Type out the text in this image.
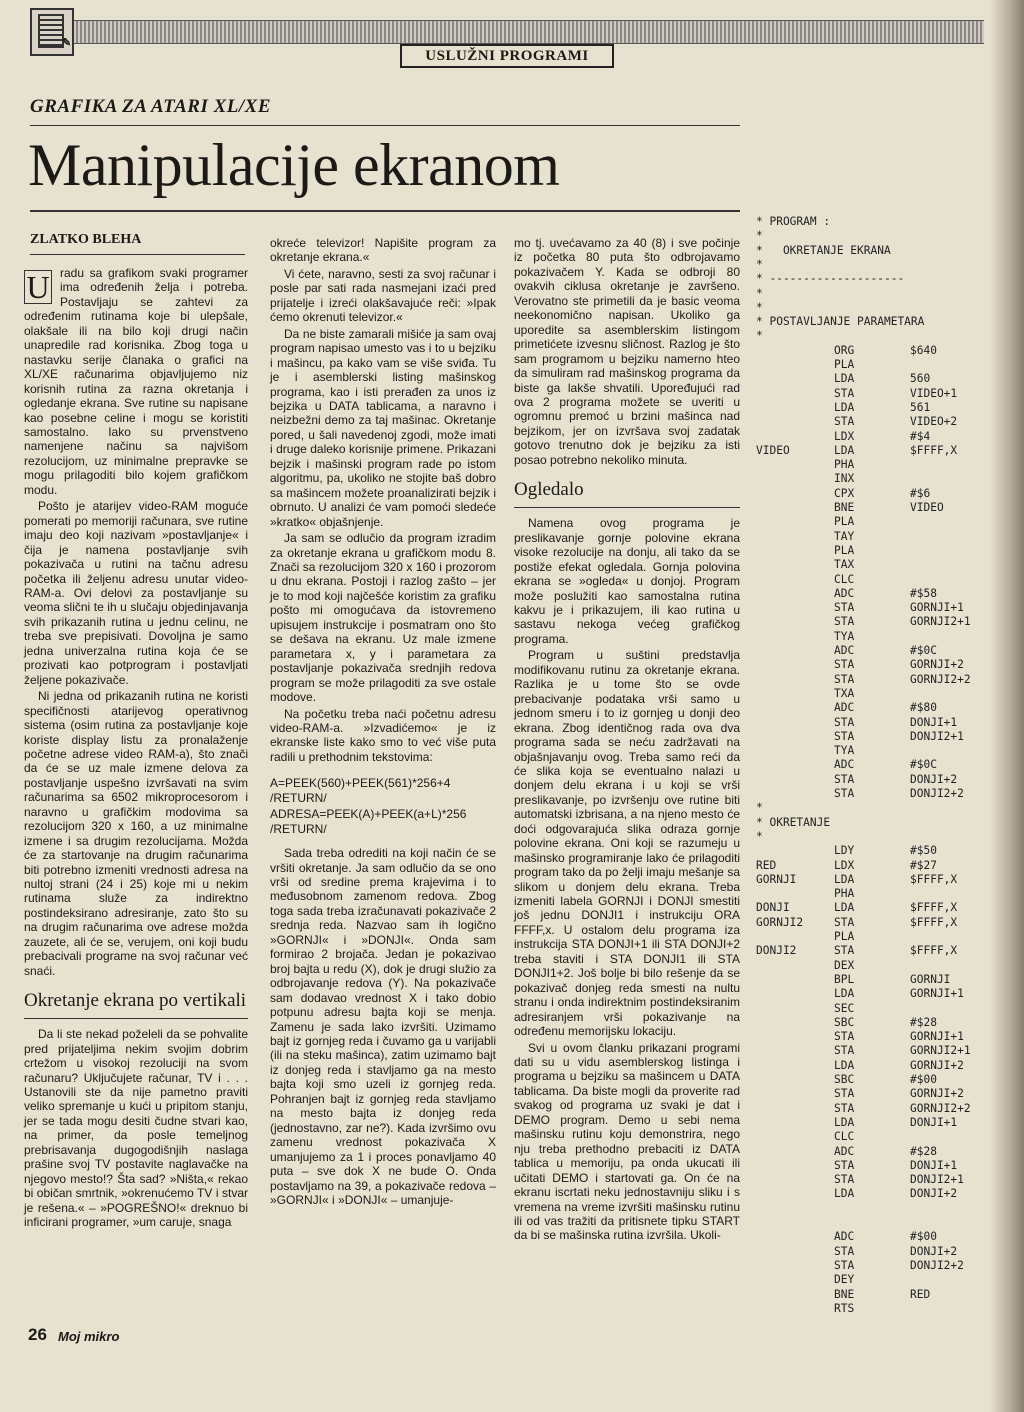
✎
USLUŽNI PROGRAMI
GRAFIKA ZA ATARI XL/XE
Manipulacije ekranom
ZLATKO BLEHA

U radu sa grafikom svaki programer ima određenih želja i potreba. Postavljaju se zahtevi za određenim rutinama koje bi ulepšale, olakšale ili na bilo koji drugi način unapredile rad korisnika. Zbog toga u nastavku serije članaka o grafici na XL/XE računarima objavljujemo niz korisnih rutina za razna okretanja i ogledanje ekrana. Sve rutine su napisane kao posebne celine i mogu se koristiti samostalno. Iako su prvenstveno namenjene načinu sa najvišom rezolucijom, uz minimalne prepravke se mogu prilagoditi bilo kojem grafičkom modu.

Pošto je atarijev video-RAM moguće pomerati po memoriji računara, sve rutine imaju deo koji nazivam »postavljanje« i čija je namena postavljanje svih pokazivača u rutini na tačnu adresu početka ili željenu adresu unutar video-RAM-a. Ovi delovi za postavljanje su veoma slični te ih u slučaju objedinjavanja svih prikazanih rutina u jednu celinu, ne treba sve prepisivati. Dovoljna je samo jedna univerzalna rutina koja će se prozivati kao potprogram i postavljati željene pokazivače.

Ni jedna od prikazanih rutina ne koristi specifičnosti atarijevog operativnog sistema (osim rutina za postavljanje koje koriste display listu za pronalaženje početne adrese video RAM-a), što znači da će se uz male izmene delova za postavljanje uspešno izvršavati na svim računarima sa 6502 mikroprocesorom i naravno u grafičkim modovima sa rezolucijom 320 x 160, a uz minimalne izmene i sa drugim rezolucijama. Možda će za startovanje na drugim računarima biti potrebno izmeniti vrednosti adresa na nultoj strani (24 i 25) koje mi u nekim rutinama služe za indirektno postindeksirano adresiranje, zato što su na drugim računarima ove adrese možda zauzete, ali će se, verujem, oni koji budu prebacivali programe na svoj računar već snaći.

Okretanje ekrana po vertikali

Da li ste nekad poželeli da se pohvalite pred prijateljima nekim svojim dobrim crtežom u visokoj rezoluciji na svom računaru? Uključujete računar, TV i . . . Ustanovili ste da nije pametno praviti veliko spremanje u kući u pripitom stanju, jer se tada mogu desiti čudne stvari kao, na primer, da posle temeljnog prebrisavanja dugogodišnjih naslaga prašine svoj TV postavite naglavačke na njegovo mesto!? Šta sad? »Ništa,« rekao bi običan smrtnik, »okrenućemo TV i stvar je rešena.« – »POGREŠNO!« dreknuo bi inficirani programer, »um caruje, snaga

okreće televizor! Napišite program za okretanje ekrana.«

Vi ćete, naravno, sesti za svoj računar i posle par sati rada nasmejani izaći pred prijatelje i izreći olakšavajuće reči: »Ipak ćemo okrenuti televizor.«

Da ne biste zamarali mišiće ja sam ovaj program napisao umesto vas i to u bejziku i mašincu, pa kako vam se više sviđa. Tu je i asemblerski listing mašinskog programa, kao i isti prerađen za unos iz bejzika u DATA tablicama, a naravno i neizbežni demo za taj mašinac. Okretanje pored, u šali navedenoj zgodi, može imati i druge daleko korisnije primene. Prikazani bejzik i mašinski program rade po istom algoritmu, pa, ukoliko ne stojite baš dobro sa mašincem možete proanalizirati bejzik i obrnuto. U analizi će vam pomoći sledeće »kratko« objašnjenje.

Ja sam se odlučio da program izradim za okretanje ekrana u grafičkom modu 8. Znači sa rezolucijom 320 x 160 i prozorom u dnu ekrana. Postoji i razlog zašto – jer je to mod koji najčešće koristim za grafiku pošto mi omogućava da istovremeno upisujem instrukcije i posmatram ono što se dešava na ekranu. Uz male izmene parametara x, y i parametara za postavljanje pokazivača srednjih redova program se može prilagoditi za sve ostale modove.

Na početku treba naći početnu adresu video-RAM-a. »Izvadićemo« je iz ekranske liste kako smo to već više puta radili u prethodnim tekstovima:

A=PEEK(560)+PEEK(561)*256+4 /RETURN/

ADRESA=PEEK(A)+PEEK(a+L)*256 /RETURN/

Sada treba odrediti na koji način će se vršiti okretanje. Ja sam odlučio da se ono vrši od sredine prema krajevima i to međusobnom zamenom redova. Zbog toga sada treba izračunavati pokazivače 2 srednja reda. Nazvao sam ih logično »GORNJI« i »DONJI«. Onda sam formirao 2 brojača. Jedan je pokazivao broj bajta u redu (X), dok je drugi služio za odbrojavanje redova (Y). Na pokazivače sam dodavao vrednost X i tako dobio potpunu adresu bajta koji se menja. Zamenu je sada lako izvršiti. Uzimamo bajt iz gornjeg reda i čuvamo ga u varijabli (ili na steku mašinca), zatim uzimamo bajt iz donjeg reda i stavljamo ga na mesto bajta koji smo uzeli iz gornjeg reda. Pohranjen bajt iz gornjeg reda stavljamo na mesto bajta iz donjeg reda (jednostavno, zar ne?). Kada izvršimo ovu zamenu vrednost pokazivača X umanjujemo za 1 i proces ponavljamo 40 puta – sve dok X ne bude O. Onda postavljamo na 39, a pokazivače redova – »GORNJI« i »DONJI« – umanjuje-

mo tj. uvećavamo za 40 (8) i sve počinje iz početka 80 puta što odbrojavamo pokazivačem Y. Kada se odbroji 80 ovakvih ciklusa okretanje je završeno. Verovatno ste primetili da je basic veoma neekonomično napisan. Ukoliko ga uporedite sa asemblerskim listingom primetićete izvesnu sličnost. Razlog je što sam programom u bejziku namerno hteo da simuliram rad mašinskog programa da biste ga lakše shvatili. Upoređujući rad ova 2 programa možete se uveriti u ogromnu premoć u brzini mašinca nad bejzikom, jer on izvršava svoj zadatak gotovo trenutno dok je bejziku za isti posao potrebno nekoliko minuta.

Ogledalo

Namena ovog programa je preslikavanje gornje polovine ekrana visoke rezolucije na donju, ali tako da se postiže efekat ogledala. Gornja polovina ekrana se »ogleda« u donjoj. Program može poslužiti kao samostalna rutina kakvu je i prikazujem, ili kao rutina u sastavu nekoga većeg grafičkog programa.

Program u suštini predstavlja modifikovanu rutinu za okretanje ekrana. Razlika je u tome što se ovde prebacivanje podataka vrši samo u jednom smeru i to iz gornjeg u donji deo ekrana. Zbog identičnog rada ova dva programa sada se neću zadržavati na objašnjavanju ovog. Treba samo reći da će slika koja se eventualno nalazi u donjem delu ekrana i u koji se vrši preslikavanje, po izvršenju ove rutine biti automatski izbrisana, a na njeno mesto će doći odgovarajuća slika odraza gornje polovine ekrana. Oni koji se razumeju u mašinsko programiranje lako će prilagoditi program tako da po želji imaju mešanje sa slikom u donjem delu ekrana. Treba izmeniti labela GORNJI i DONJI smestiti još jednu DONJI1 i instrukciju ORA FFFF,x. U ostalom delu programa iza instrukcija STA DONJI+1 ili STA DONJI+2 treba staviti i STA DONJI1 ili STA DONJI1+2. Još bolje bi bilo rešenje da se pokazivač donjeg reda smesti na nultu stranu i onda indirektnim postindeksiranim adresiranjem vrši pokazivanje na određenu memorijsku lokaciju.

Svi u ovom članku prikazani programi dati su u vidu asemblerskog listinga i programa u bejziku sa mašincem u DATA tablicama. Da biste mogli da proverite rad svakog od programa uz svaki je dat i DEMO program. Demo u sebi nema mašinsku rutinu koju demonstrira, nego nju treba prethodno prebaciti iz DATA tablica u memoriju, pa onda ukucati ili učitati DEMO i startovati ga. On će na ekranu iscrtati neku jednostavniju sliku i s vremena na vreme izvršiti mašinsku rutinu ili od vas tražiti da pritisnete tipku START da bi se mašinska rutina izvršila. Ukoli-

* PROGRAM :
*
*   OKRETANJE EKRANA
*
* --------------------
*
*
* POSTAVLJANJE PARAMETARA
*
ORG	$640
PLA
LDA	560
STA	VIDEO+1
LDA	561
STA	VIDEO+2
LDX	#$4
VIDEO	LDA	$FFFF,X
PHA
INX
CPX	#$6
BNE	VIDEO
PLA
TAY
PLA
TAX
CLC
ADC	#$58
STA	GORNJI+1
STA	GORNJI2+1
TYA
ADC	#$0C
STA	GORNJI+2
STA	GORNJI2+2
TXA
ADC	#$80
STA	DONJI+1
STA	DONJI2+1
TYA
ADC	#$0C
STA	DONJI+2
STA	DONJI2+2
*
* OKRETANJE
*
LDY	#$50
RED	LDX	#$27
GORNJI	LDA	$FFFF,X
PHA
DONJI	LDA	$FFFF,X
GORNJI2	STA	$FFFF,X
PLA
DONJI2	STA	$FFFF,X
DEX
BPL	GORNJI
LDA	GORNJI+1
SEC
SBC	#$28
STA	GORNJI+1
STA	GORNJI2+1
LDA	GORNJI+2
SBC	#$00
STA	GORNJI+2
STA	GORNJI2+2
LDA	DONJI+1
CLC
ADC	#$28
STA	DONJI+1
STA	DONJI2+1
LDA	DONJI+2
ADC	#$00
STA	DONJI+2
STA	DONJI2+2
DEY
BNE	RED
RTS
26 Moj mikro
